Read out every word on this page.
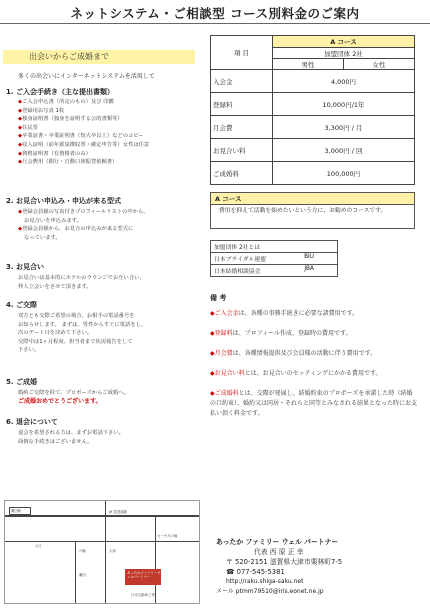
ネットシステム・ご相談型 コース別料金のご案内
出会いからご成婚まで
多くの出会いにインターネットシステムを活用して
1. ご入会手続き（主な提出書類）
◆ご入会申込書（所定のもの）及び 印鑑
◆登録用お写真 1枚
◆独身証明書（独身を証明する公的書類等）
◆住民票
◆卒業証書・卒業証明書（短大卒以上）などのコピー
◆収入証明（前年源泉徴収票・確定申告等）女性は任意
◆資格証明書（有資格者のみ）
◆月会費用（銀行・自動口座振替依頼書）
2. お見合い申込み・申込が来る型式
◆登録会員様の写真付きプロフィールリストの中から、
お見合いを申込みます。
◆登録会員様から、お見合の申込みが来る型式に
なっています。
3. お見合い
お見合いは基本的にホテルのラウンジでお互い合い、
仲人立会いをさせて頂きます。
4. ご交際
双方とも交際ご希望の場合、お相手の電話番号を
お知らせします。 まずは、男性からすぐに電話をし、
次のデート日を決めて下さい。
交際中は1ヶ月程度、担当者まで状況報告をして
下さい。
5. ご成婚
婚約ご交際を経て、プロポーズからご成婚へ。
ご成婚おめでとうございます。
6. 退会について
退会を希望される方は、まずお電話下さい。
面倒な手続きはございません。
項 目	A コース	
	加盟団体 2社	
	男性	女性
入会金	4,000円	
登録料	10,000円/1年	
月会費	3,300円 / 月	
お見合い料	3,000円 / 回	
ご成婚料	100,000円	
A コース
費用を抑えて活動を始めたいという方に、お勧めのコースです。
加盟団体 2社とは
日本ブライダル連盟	BIU
日本結婚相談協会	JBA
備 考
◆ご入会金は、各種の事務手続きに必要な諸費用です。
◆登録料は、プロフィール作成、登録時の費用です。
◆月会費は、各種情報提供及び会員様の活動に伴う費用です。
◆お見合い料とは、お見合いのセッティングにかかる費用です。
◆ご成婚料とは、交際が発展し、結婚約束のプロポーズを承諾した時（結婚の口約束）、婚約又は同居・それらと同等とみなされる結果となった時にお支払い頂く料金です。
瀬田駅	JR 琵琶湖線
カーサ月の輪
大江
月輪	大津
瀬田	あったかファミリーウェルパートナー
日本自動車工業
あったか ファミリー ウェル パートナー
代表 西 原 正 幸
〒 520-2151 滋賀県大津市栗林町7-5
☎ 077-545-5381
http://raku.shiga-saku.net
メール ptmm79510@iris.eonet.ne.jp
